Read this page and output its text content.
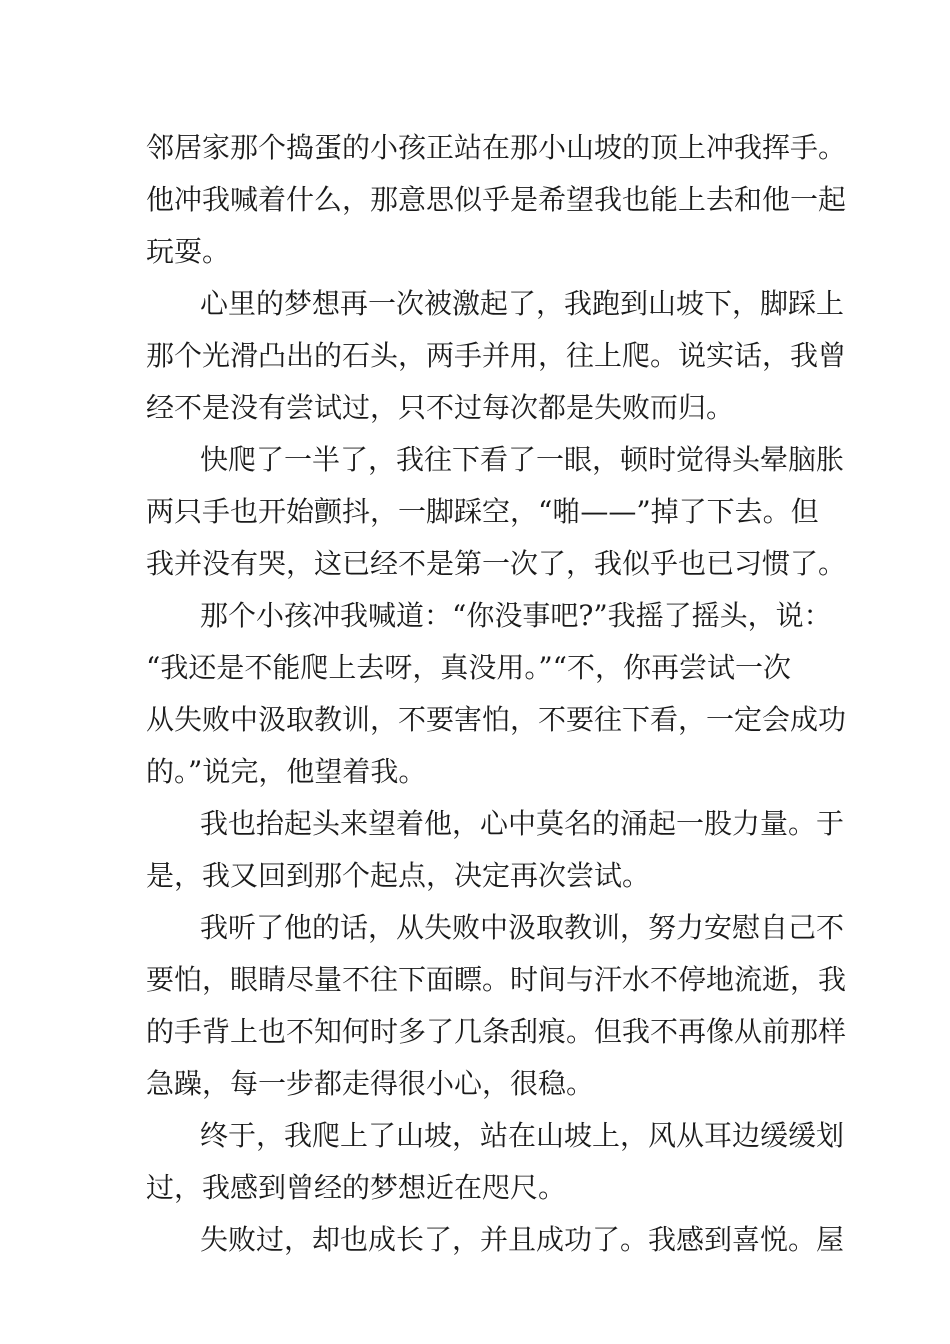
邻居家那个捣蛋的小孩正站在那小山坡的顶上冲我挥手。
他冲我喊着什么，那意思似乎是希望我也能上去和他一起
玩耍。
心里的梦想再一次被激起了，我跑到山坡下，脚踩上
那个光滑凸出的石头，两手并用，往上爬。说实话，我曾
经不是没有尝试过，只不过每次都是失败而归。
快爬了一半了，我往下看了一眼，顿时觉得头晕脑胀
两只手也开始颤抖，一脚踩空，“啪——”掉了下去。但
我并没有哭，这已经不是第一次了，我似乎也已习惯了。
那个小孩冲我喊道：“你没事吧?”我摇了摇头，说：
“我还是不能爬上去呀，真没用。”“不，你再尝试一次
从失败中汲取教训，不要害怕，不要往下看，一定会成功
的。”说完，他望着我。
我也抬起头来望着他，心中莫名的涌起一股力量。于
是，我又回到那个起点，决定再次尝试。
我听了他的话，从失败中汲取教训，努力安慰自己不
要怕，眼睛尽量不往下面瞟。时间与汗水不停地流逝，我
的手背上也不知何时多了几条刮痕。但我不再像从前那样
急躁，每一步都走得很小心，很稳。
终于，我爬上了山坡，站在山坡上，风从耳边缓缓划
过，我感到曾经的梦想近在咫尺。
失败过，却也成长了，并且成功了。我感到喜悦。屋
